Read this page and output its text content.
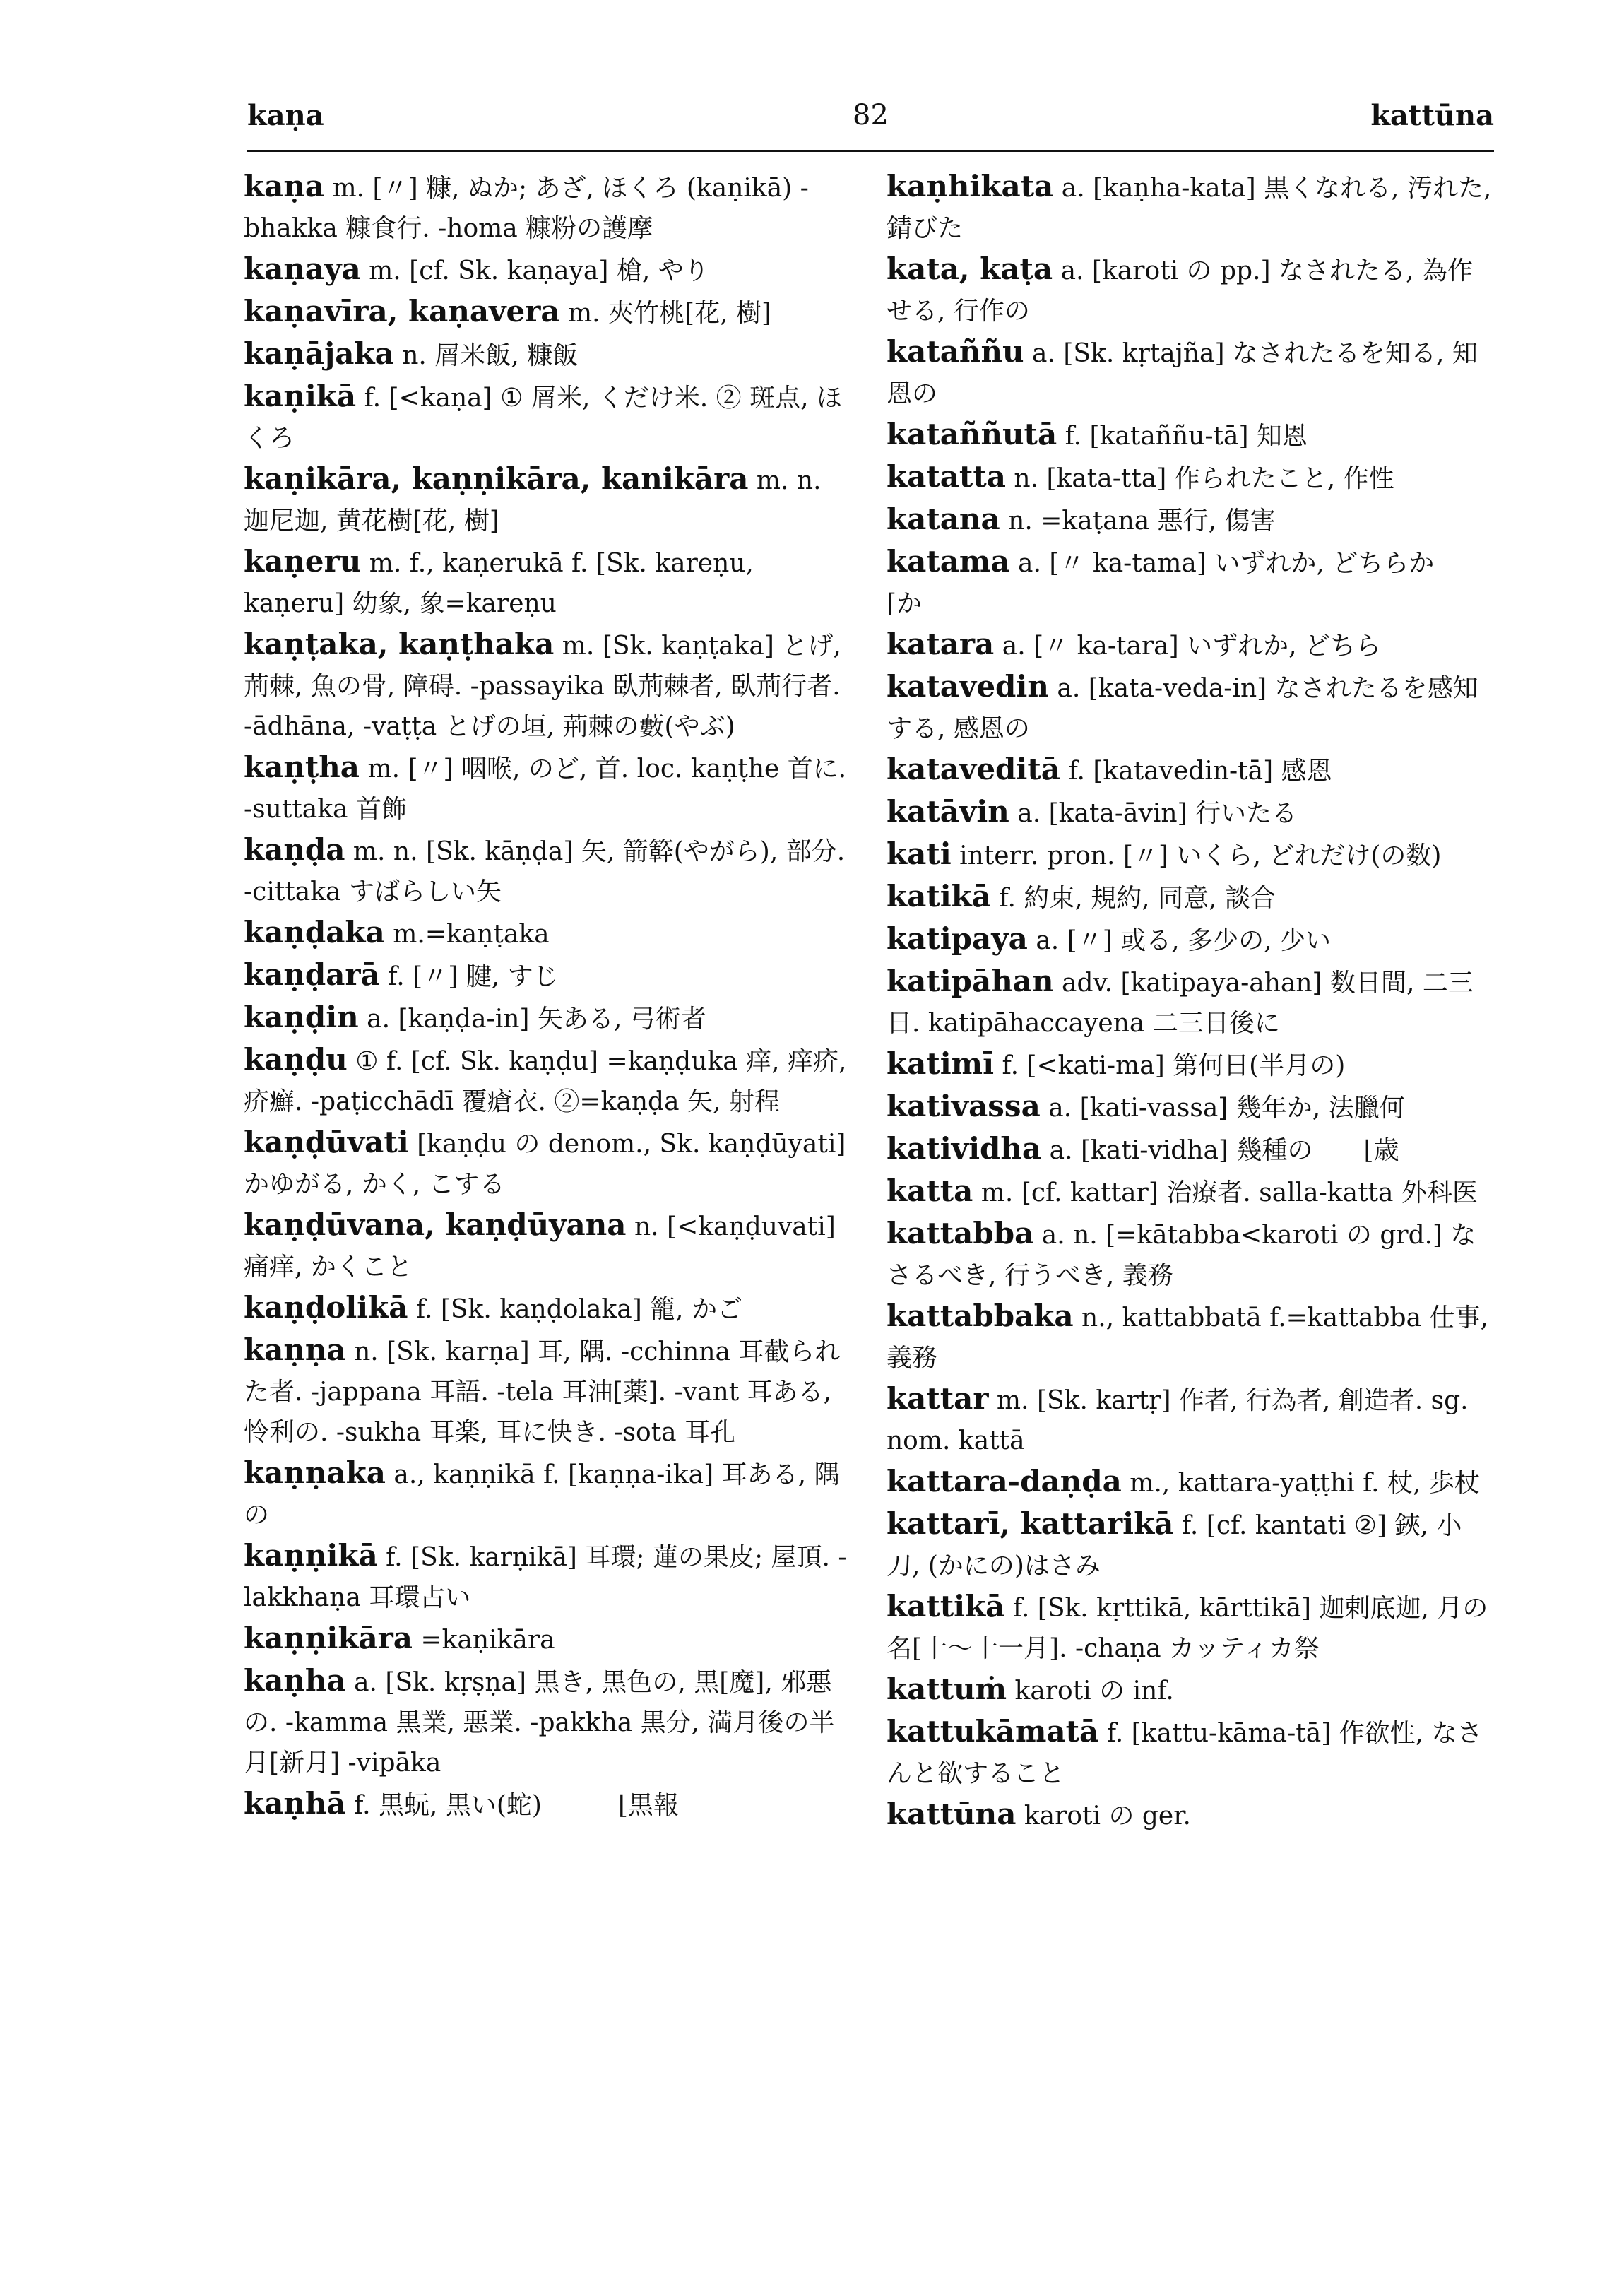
kaṇa	82	kattūna

kaṇa m. [〃] 糠, ぬか; あざ, ほくろ (kaṇikā) -bhakka 糠食行. -homa 糠粉の護摩

kaṇaya m. [cf. Sk. kaṇaya] 槍, やり

kaṇavīra, kaṇavera m. 夾竹桃[花, 樹]

kaṇājaka n. 屑米飯, 糠飯

kaṇikā f. [<kaṇa] ① 屑米, くだけ米. ② 斑点, ほくろ

kaṇikāra, kaṇṇikāra, kanikāra m. n. 迦尼迦, 黄花樹[花, 樹]

kaṇeru m. f., kaṇerukā f. [Sk. kareṇu, kaṇeru] 幼象, 象=kareṇu

kaṇṭaka, kaṇṭhaka m. [Sk. kaṇṭaka] とげ, 荊棘, 魚の骨, 障碍. -passayika 臥荊棘者, 臥荊行者. -ādhāna, -vaṭṭa とげの垣, 荊棘の藪(やぶ)

kaṇṭha m. [〃] 咽喉, のど, 首. loc. kaṇṭhe 首に. -suttaka 首飾

kaṇḍa m. n. [Sk. kāṇḍa] 矢, 箭簳(やがら), 部分. -cittaka すばらしい矢

kaṇḍaka m.=kaṇṭaka

kaṇḍarā f. [〃] 腱, すじ

kaṇḍin a. [kaṇḍa-in] 矢ある, 弓術者

kaṇḍu ① f. [cf. Sk. kaṇḍu] =kaṇḍuka 痒, 痒疥, 疥癬. -paṭicchādī 覆瘡衣. ②=kaṇḍa 矢, 射程

kaṇḍūvati [kaṇḍu の denom., Sk. kaṇḍūyati] かゆがる, かく, こする

kaṇḍūvana, kaṇḍūyana n. [<kaṇḍuvati] 痛痒, かくこと

kaṇḍolikā f. [Sk. kaṇḍolaka] 籠, かご

kaṇṇa n. [Sk. karṇa] 耳, 隅. -cchinna 耳截られた者. -jappana 耳語. -tela 耳油[薬]. -vant 耳ある, 怜利の. -sukha 耳楽, 耳に快き. -sota 耳孔

kaṇṇaka a., kaṇṇikā f. [kaṇṇa-ika] 耳ある, 隅の

kaṇṇikā f. [Sk. karṇikā] 耳環; 蓮の果皮; 屋頂. -lakkhaṇa 耳環占い

kaṇṇikāra =kaṇikāra

kaṇha a. [Sk. kṛṣṇa] 黒き, 黒色の, 黒[魔], 邪悪の. -kamma 黒業, 悪業. -pakkha 黒分, 満月後の半月[新月] -vipāka

kaṇhā f. 黒蚖, 黒い(蛇)　　　⌊黒報

kaṇhikata a. [kaṇha-kata] 黒くなれる, 汚れた, 錆びた

kata, kaṭa a. [karoti の pp.] なされたる, 為作せる, 行作の

kataññu a. [Sk. kṛtajña] なされたるを知る, 知恩の

kataññutā f. [kataññu-tā] 知恩

katatta n. [kata-tta] 作られたこと, 作性

katana n. =kaṭana 悪行, 傷害

katama a. [〃 ka-tama] いずれか, どちらか　　　⌈か

katara a. [〃 ka-tara] いずれか, どちら

katavedin a. [kata-veda-in] なされたるを感知する, 感恩の

kataveditā f. [katavedin-tā] 感恩

katāvin a. [kata-āvin] 行いたる

kati interr. pron. [〃] いくら, どれだけ(の数)

katikā f. 約束, 規約, 同意, 談合

katipaya a. [〃] 或る, 多少の, 少い

katipāhan adv. [katipaya-ahan] 数日間, 二三日. katipāhaccayena 二三日後に

katimī f. [<kati-ma] 第何日(半月の)

kativassa a. [kati-vassa] 幾年か, 法臘何

katividha a. [kati-vidha] 幾種の　　⌊歳

katta m. [cf. kattar] 治療者. salla-katta 外科医

kattabba a. n. [=kātabba<karoti の grd.] なさるべき, 行うべき, 義務

kattabbaka n., kattabbatā f.=kattabba 仕事, 義務

kattar m. [Sk. kartṛ] 作者, 行為者, 創造者. sg. nom. kattā

kattara-daṇḍa m., kattara-yaṭṭhi f. 杖, 歩杖

kattarī, kattarikā f. [cf. kantati ②] 鋏, 小刀, (かにの)はさみ

kattikā f. [Sk. kṛttikā, kārttikā] 迦剌底迦, 月の名[十～十一月]. -chaṇa カッティカ祭

kattuṁ karoti の inf.

kattukāmatā f. [kattu-kāma-tā] 作欲性, なさんと欲すること

kattūna karoti の ger.
